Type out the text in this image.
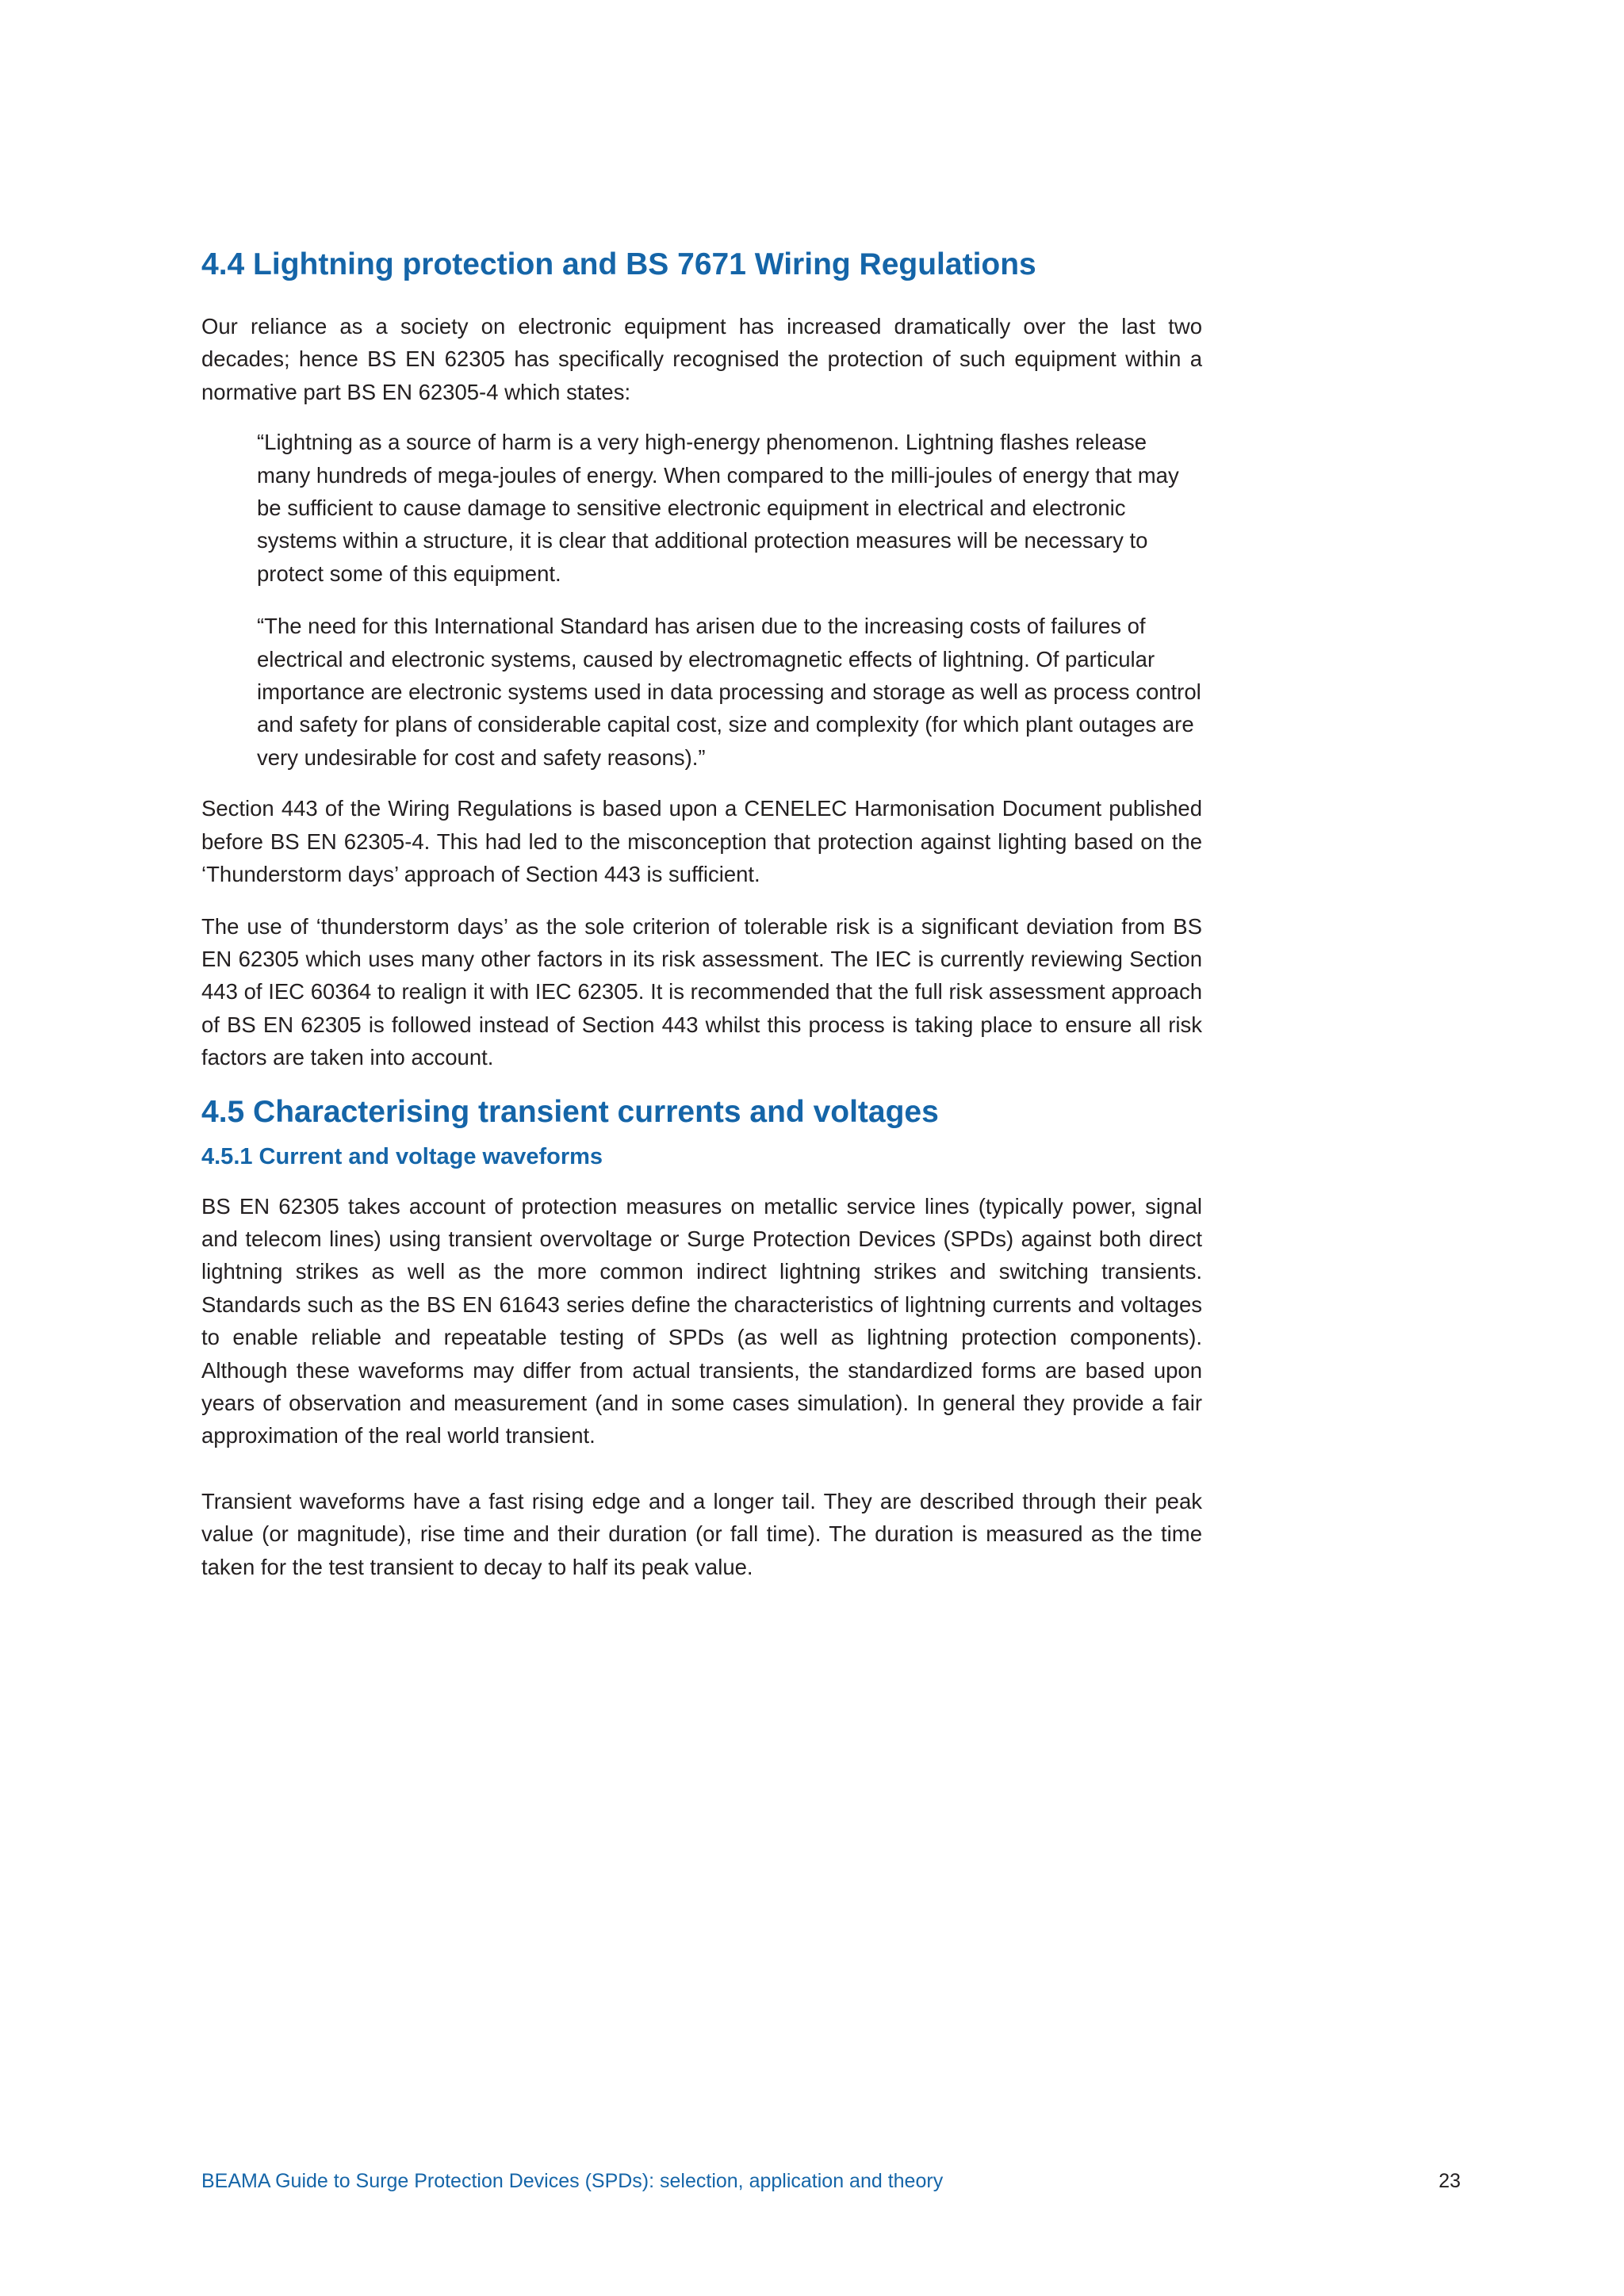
4.4 Lightning protection and BS 7671 Wiring Regulations

Our reliance as a society on electronic equipment has increased dramatically over the last two decades; hence BS EN 62305 has specifically recognised the protection of such equipment within a normative part BS EN 62305-4 which states:

“Lightning as a source of harm is a very high-energy phenomenon. Lightning flashes release many hundreds of mega-joules of energy. When compared to the milli-joules of energy that may be sufficient to cause damage to sensitive electronic equipment in electrical and electronic systems within a structure, it is clear that additional protection measures will be necessary to protect some of this equipment.

“The need for this International Standard has arisen due to the increasing costs of failures of electrical and electronic systems, caused by electromagnetic effects of lightning. Of particular importance are electronic systems used in data processing and storage as well as process control and safety for plans of considerable capital cost, size and complexity (for which plant outages are very undesirable for cost and safety reasons).”

Section 443 of the Wiring Regulations is based upon a CENELEC Harmonisation Document published before BS EN 62305-4. This had led to the misconception that protection against lighting based on the ‘Thunderstorm days’ approach of Section 443 is sufficient.

The use of ‘thunderstorm days’ as the sole criterion of tolerable risk is a significant deviation from BS EN 62305 which uses many other factors in its risk assessment. The IEC is currently reviewing Section 443 of IEC 60364 to realign it with IEC 62305. It is recommended that the full risk assessment approach of BS EN 62305 is followed instead of Section 443 whilst this process is taking place to ensure all risk factors are taken into account.

4.5 Characterising transient currents and voltages
4.5.1 Current and voltage waveforms

BS EN 62305 takes account of protection measures on metallic service lines (typically power, signal and telecom lines) using transient overvoltage or Surge Protection Devices (SPDs) against both direct lightning strikes as well as the more common indirect lightning strikes and switching transients. Standards such as the BS EN 61643 series define the characteristics of lightning currents and voltages to enable reliable and repeatable testing of SPDs (as well as lightning protection components). Although these waveforms may differ from actual transients, the standardized forms are based upon years of observation and measurement (and in some cases simulation). In general they provide a fair approximation of the real world transient.

Transient waveforms have a fast rising edge and a longer tail. They are described through their peak value (or magnitude), rise time and their duration (or fall time). The duration is measured as the time taken for the test transient to decay to half its peak value.

BEAMA Guide to Surge Protection Devices (SPDs): selection, application and theory	23
